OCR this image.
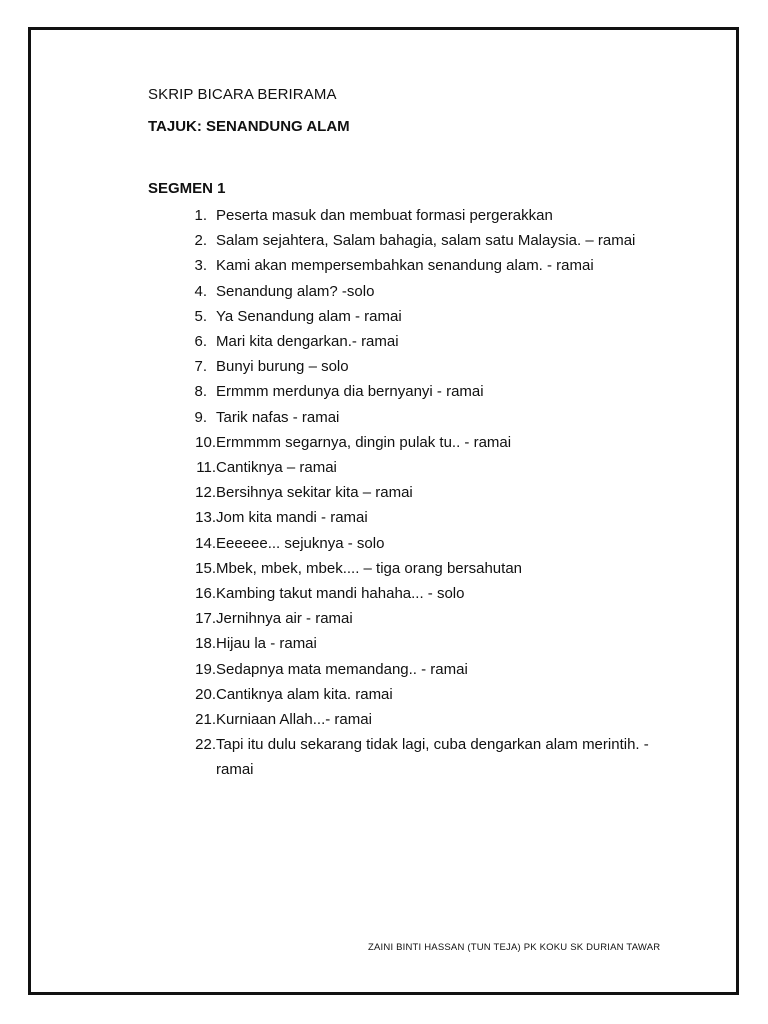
SKRIP BICARA BERIRAMA
TAJUK: SENANDUNG ALAM
SEGMEN 1
1. Peserta masuk dan membuat formasi pergerakkan
2. Salam sejahtera, Salam bahagia, salam satu Malaysia. – ramai
3. Kami akan mempersembahkan senandung alam. - ramai
4. Senandung alam? -solo
5. Ya Senandung alam - ramai
6. Mari kita dengarkan.- ramai
7. Bunyi burung – solo
8. Ermmm merdunya dia bernyanyi - ramai
9. Tarik nafas - ramai
10. Ermmmm segarnya, dingin pulak tu.. - ramai
11. Cantiknya – ramai
12. Bersihnya sekitar kita – ramai
13. Jom kita mandi - ramai
14. Eeeeee... sejuknya - solo
15. Mbek, mbek, mbek.... – tiga orang bersahutan
16. Kambing takut mandi hahaha... - solo
17. Jernihnya air - ramai
18. Hijau la - ramai
19. Sedapnya mata memandang.. - ramai
20. Cantiknya alam kita. ramai
21. Kurniaan Allah...- ramai
22. Tapi itu dulu sekarang tidak lagi, cuba dengarkan alam merintih. - ramai
ZAINI BINTI HASSAN (TUN TEJA) PK KOKU SK DURIAN TAWAR
